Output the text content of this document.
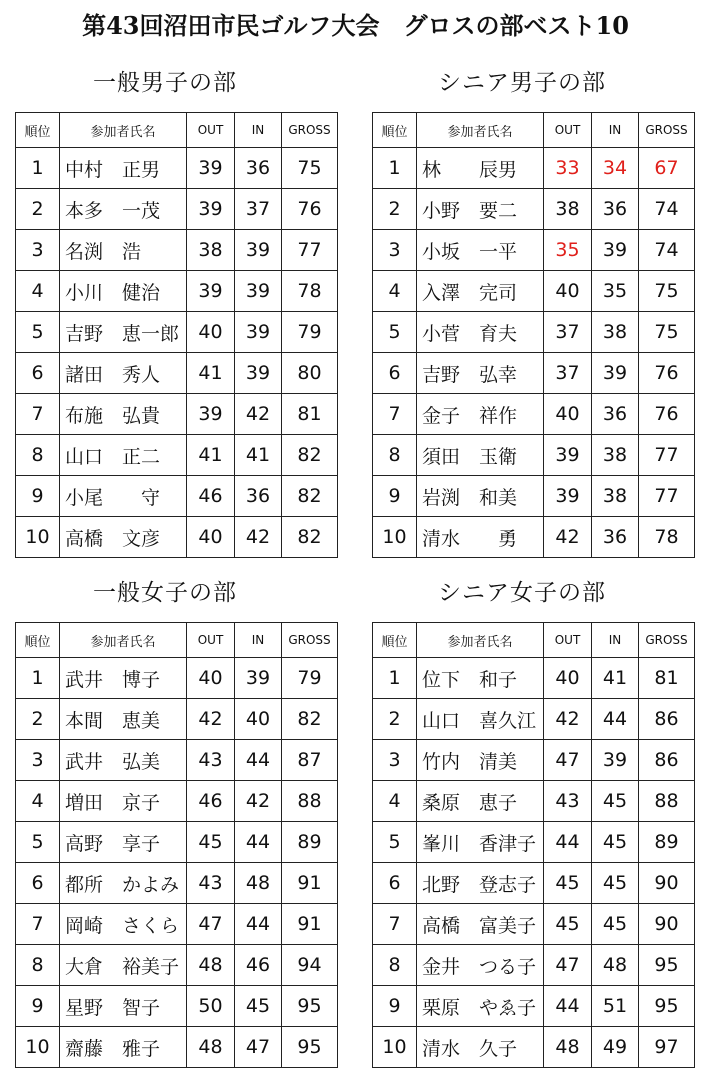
第43回沼田市民ゴルフ大会　グロスの部ベスト10
一般男子の部
順位	参加者氏名	OUT	IN	GROSS
1	中村　正男	39	36	75
2	本多　一茂	39	37	76
3	名渕　浩	38	39	77
4	小川　健治	39	39	78
5	吉野　恵一郎	40	39	79
6	諸田　秀人	41	39	80
7	布施　弘貴	39	42	81
8	山口　正二	41	41	82
9	小尾　　守	46	36	82
10	高橋　文彦	40	42	82
シニア男子の部
順位	参加者氏名	OUT	IN	GROSS
1	林　　辰男	33	34	67
2	小野　要二	38	36	74
3	小坂　一平	35	39	74
4	入澤　完司	40	35	75
5	小菅　育夫	37	38	75
6	吉野　弘幸	37	39	76
7	金子　祥作	40	36	76
8	須田　玉衛	39	38	77
9	岩渕　和美	39	38	77
10	清水　　勇	42	36	78
一般女子の部
順位	参加者氏名	OUT	IN	GROSS
1	武井　博子	40	39	79
2	本間　恵美	42	40	82
3	武井　弘美	43	44	87
4	増田　京子	46	42	88
5	高野　享子	45	44	89
6	都所　かよみ	43	48	91
7	岡崎　さくら	47	44	91
8	大倉　裕美子	48	46	94
9	星野　智子	50	45	95
10	齋藤　雅子	48	47	95
シニア女子の部
順位	参加者氏名	OUT	IN	GROSS
1	位下　和子	40	41	81
2	山口　喜久江	42	44	86
3	竹内　清美	47	39	86
4	桑原　恵子	43	45	88
5	峯川　香津子	44	45	89
6	北野　登志子	45	45	90
7	高橋　富美子	45	45	90
8	金井　つる子	47	48	95
9	栗原　やゑ子	44	51	95
10	清水　久子	48	49	97
